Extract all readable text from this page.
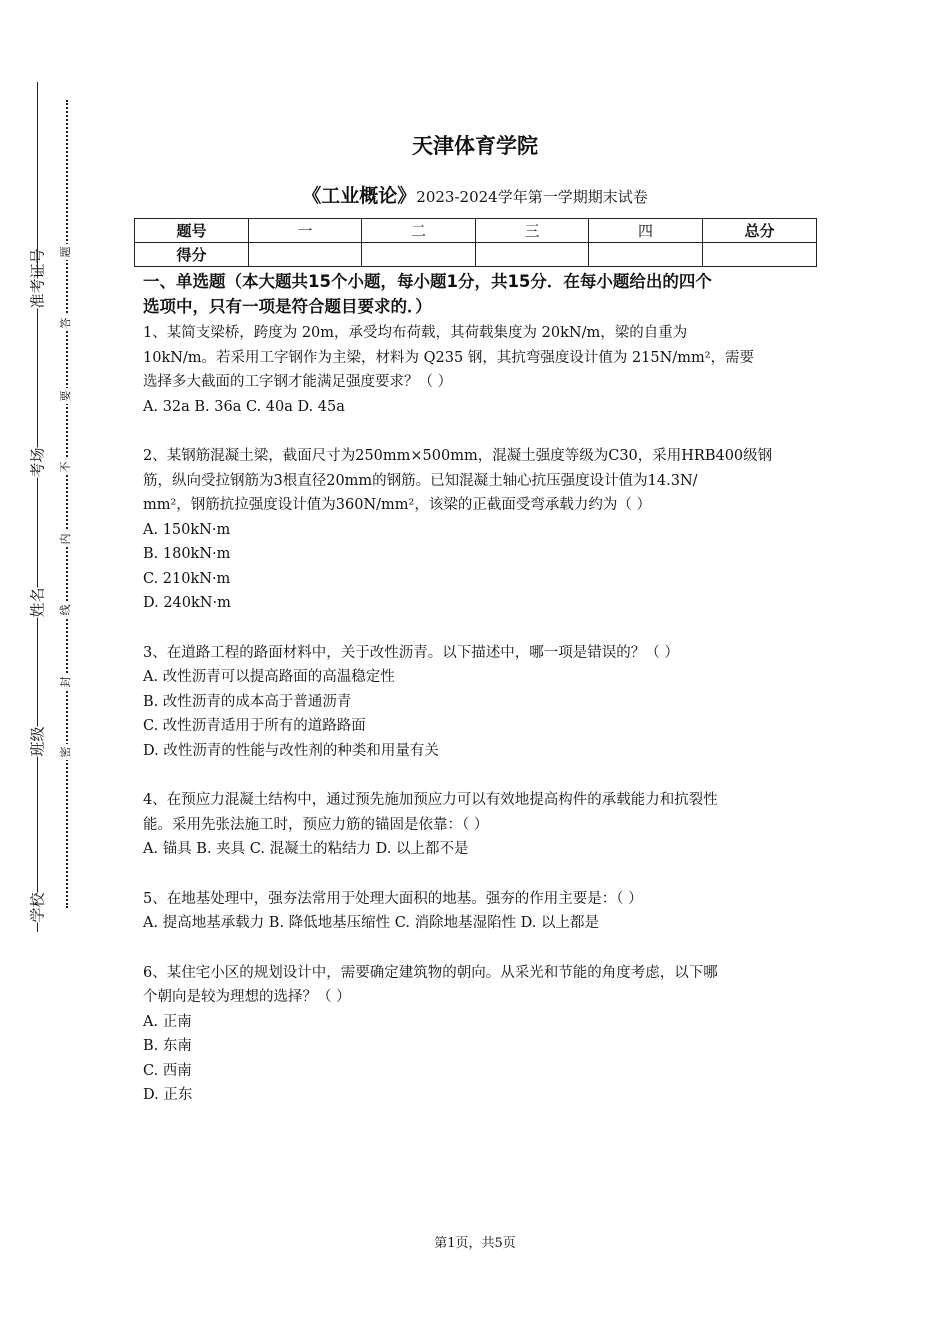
准考证号
考场
姓名
班级
学校
题
答
要
不
内
线
封
密
天津体育学院
《工业概论》2023-2024学年第一学期期末试卷
题号	一	二	三	四	总分
得分					
一、单选题（本大题共15个小题，每小题1分，共15分．在每小题给出的四个
选项中，只有一项是符合题目要求的．）

1、某简支梁桥，跨度为 20m，承受均布荷载，其荷载集度为 20kN/m，梁的自重为

10kN/m。若采用工字钢作为主梁，材料为 Q235 钢，其抗弯强度设计值为 215N/mm²，需要

选择多大截面的工字钢才能满足强度要求？（ ）

A. 32a B. 36a C. 40a D. 45a

2、某钢筋混凝土梁，截面尺寸为250mm×500mm，混凝土强度等级为C30，采用HRB400级钢

筋，纵向受拉钢筋为3根直径20mm的钢筋。已知混凝土轴心抗压强度设计值为14.3N/

mm²，钢筋抗拉强度设计值为360N/mm²，该梁的正截面受弯承载力约为（ ）

A. 150kN·m

B. 180kN·m

C. 210kN·m

D. 240kN·m

3、在道路工程的路面材料中，关于改性沥青。以下描述中，哪一项是错误的？（ ）

A. 改性沥青可以提高路面的高温稳定性

B. 改性沥青的成本高于普通沥青

C. 改性沥青适用于所有的道路路面

D. 改性沥青的性能与改性剂的种类和用量有关

4、在预应力混凝土结构中，通过预先施加预应力可以有效地提高构件的承载能力和抗裂性

能。采用先张法施工时，预应力筋的锚固是依靠：（ ）

A. 锚具 B. 夹具 C. 混凝土的粘结力 D. 以上都不是

5、在地基处理中，强夯法常用于处理大面积的地基。强夯的作用主要是：（ ）

A. 提高地基承载力 B. 降低地基压缩性 C. 消除地基湿陷性 D. 以上都是

6、某住宅小区的规划设计中，需要确定建筑物的朝向。从采光和节能的角度考虑，以下哪

个朝向是较为理想的选择？（ ）

A. 正南

B. 东南

C. 西南

D. 正东

第1页，共5页
